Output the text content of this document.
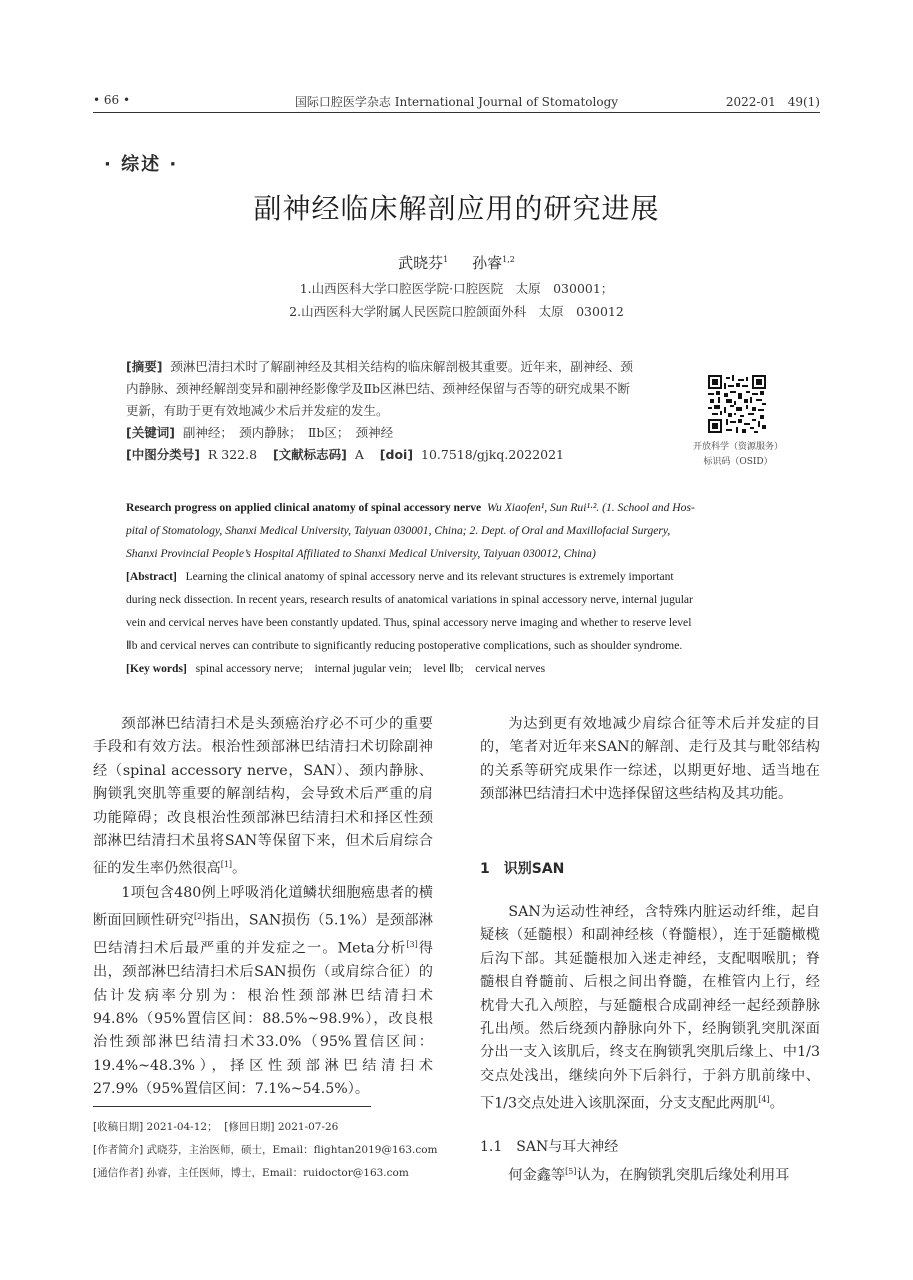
• 66 •	国际口腔医学杂志 International Journal of Stomatology	2022-01　49(1)
· 综述 ·
副神经临床解剖应用的研究进展
武晓芬$^1$ 孙睿$^{1,2}$
1.山西医科大学口腔医学院·口腔医院　太原　030001；
2.山西医科大学附属人民医院口腔颌面外科　太原　030012
[摘要] 颈淋巴清扫术时了解副神经及其相关结构的临床解剖极其重要。近年来，副神经、颈
内静脉、颈神经解剖变异和副神经影像学及Ⅱb区淋巴结、颈神经保留与否等的研究成果不断
更新，有助于更有效地减少术后并发症的发生。
[关键词] 副神经；　颈内静脉；　Ⅱb区；　颈神经
[中图分类号] R 322.8 [文献标志码] A [doi] 10.7518/gjkq.2022021	开放科学（资源服务）
标识码（OSID）
Research progress on applied clinical anatomy of spinal accessory nerve Wu Xiaofen¹, Sun Rui¹·². (1. School and Hos-
pital of Stomatology, Shanxi Medical University, Taiyuan 030001, China; 2. Dept. of Oral and Maxillofacial Surgery,
Shanxi Provincial People’s Hospital Affiliated to Shanxi Medical University, Taiyuan 030012, China)
[Abstract] Learning the clinical anatomy of spinal accessory nerve and its relevant structures is extremely important
during neck dissection. In recent years, research results of anatomical variations in spinal accessory nerve, internal jugular
vein and cervical nerves have been constantly updated. Thus, spinal accessory nerve imaging and whether to reserve level
Ⅱb and cervical nerves can contribute to significantly reducing postoperative complications, such as shoulder syndrome.
[Key words] spinal accessory nerve;　internal jugular vein;　level Ⅱb;　cervical nerves

颈部淋巴结清扫术是头颈癌治疗必不可少的重要手段和有效方法。根治性颈部淋巴结清扫术切除副神经（spinal accessory nerve，SAN）、颈内静脉、胸锁乳突肌等重要的解剖结构，会导致术后严重的肩功能障碍；改良根治性颈部淋巴结清扫术和择区性颈部淋巴结清扫术虽将SAN等保留下来，但术后肩综合征的发生率仍然很高[1]。

1项包含480例上呼吸消化道鳞状细胞癌患者的横断面回顾性研究[2]指出，SAN损伤（5.1%）是颈部淋巴结清扫术后最严重的并发症之一。Meta分析[3]得出，颈部淋巴结清扫术后SAN损伤（或肩综合征）的估计发病率分别为：根治性颈部淋巴结清扫术94.8%（95%置信区间：88.5%~98.9%），改良根治性颈部淋巴结清扫术33.0%（95%置信区间：19.4%~48.3%），择区性颈部淋巴结清扫术27.9%（95%置信区间：7.1%~54.5%）。

[收稿日期] 2021-04-12； [修回日期] 2021-07-26
[作者简介] 武晓芬，主治医师，硕士，Email：flightan2019@163.com
[通信作者] 孙睿，主任医师，博士，Email：ruidoctor@163.com

为达到更有效地减少肩综合征等术后并发症的目的，笔者对近年来SAN的解剖、走行及其与毗邻结构的关系等研究成果作一综述，以期更好地、适当地在颈部淋巴结清扫术中选择保留这些结构及其功能。

1　识别SAN

SAN为运动性神经，含特殊内脏运动纤维，起自疑核（延髓根）和副神经核（脊髓根），连于延髓橄榄后沟下部。其延髓根加入迷走神经，支配咽喉肌；脊髓根自脊髓前、后根之间出脊髓，在椎管内上行，经枕骨大孔入颅腔，与延髓根合成副神经一起经颈静脉孔出颅。然后绕颈内静脉向外下，经胸锁乳突肌深面分出一支入该肌后，终支在胸锁乳突肌后缘上、中1/3交点处浅出，继续向外下后斜行，于斜方肌前缘中、下1/3交点处进入该肌深面，分支支配此两肌[4]。

1.1　SAN与耳大神经

何金鑫等[5]认为，在胸锁乳突肌后缘处利用耳
